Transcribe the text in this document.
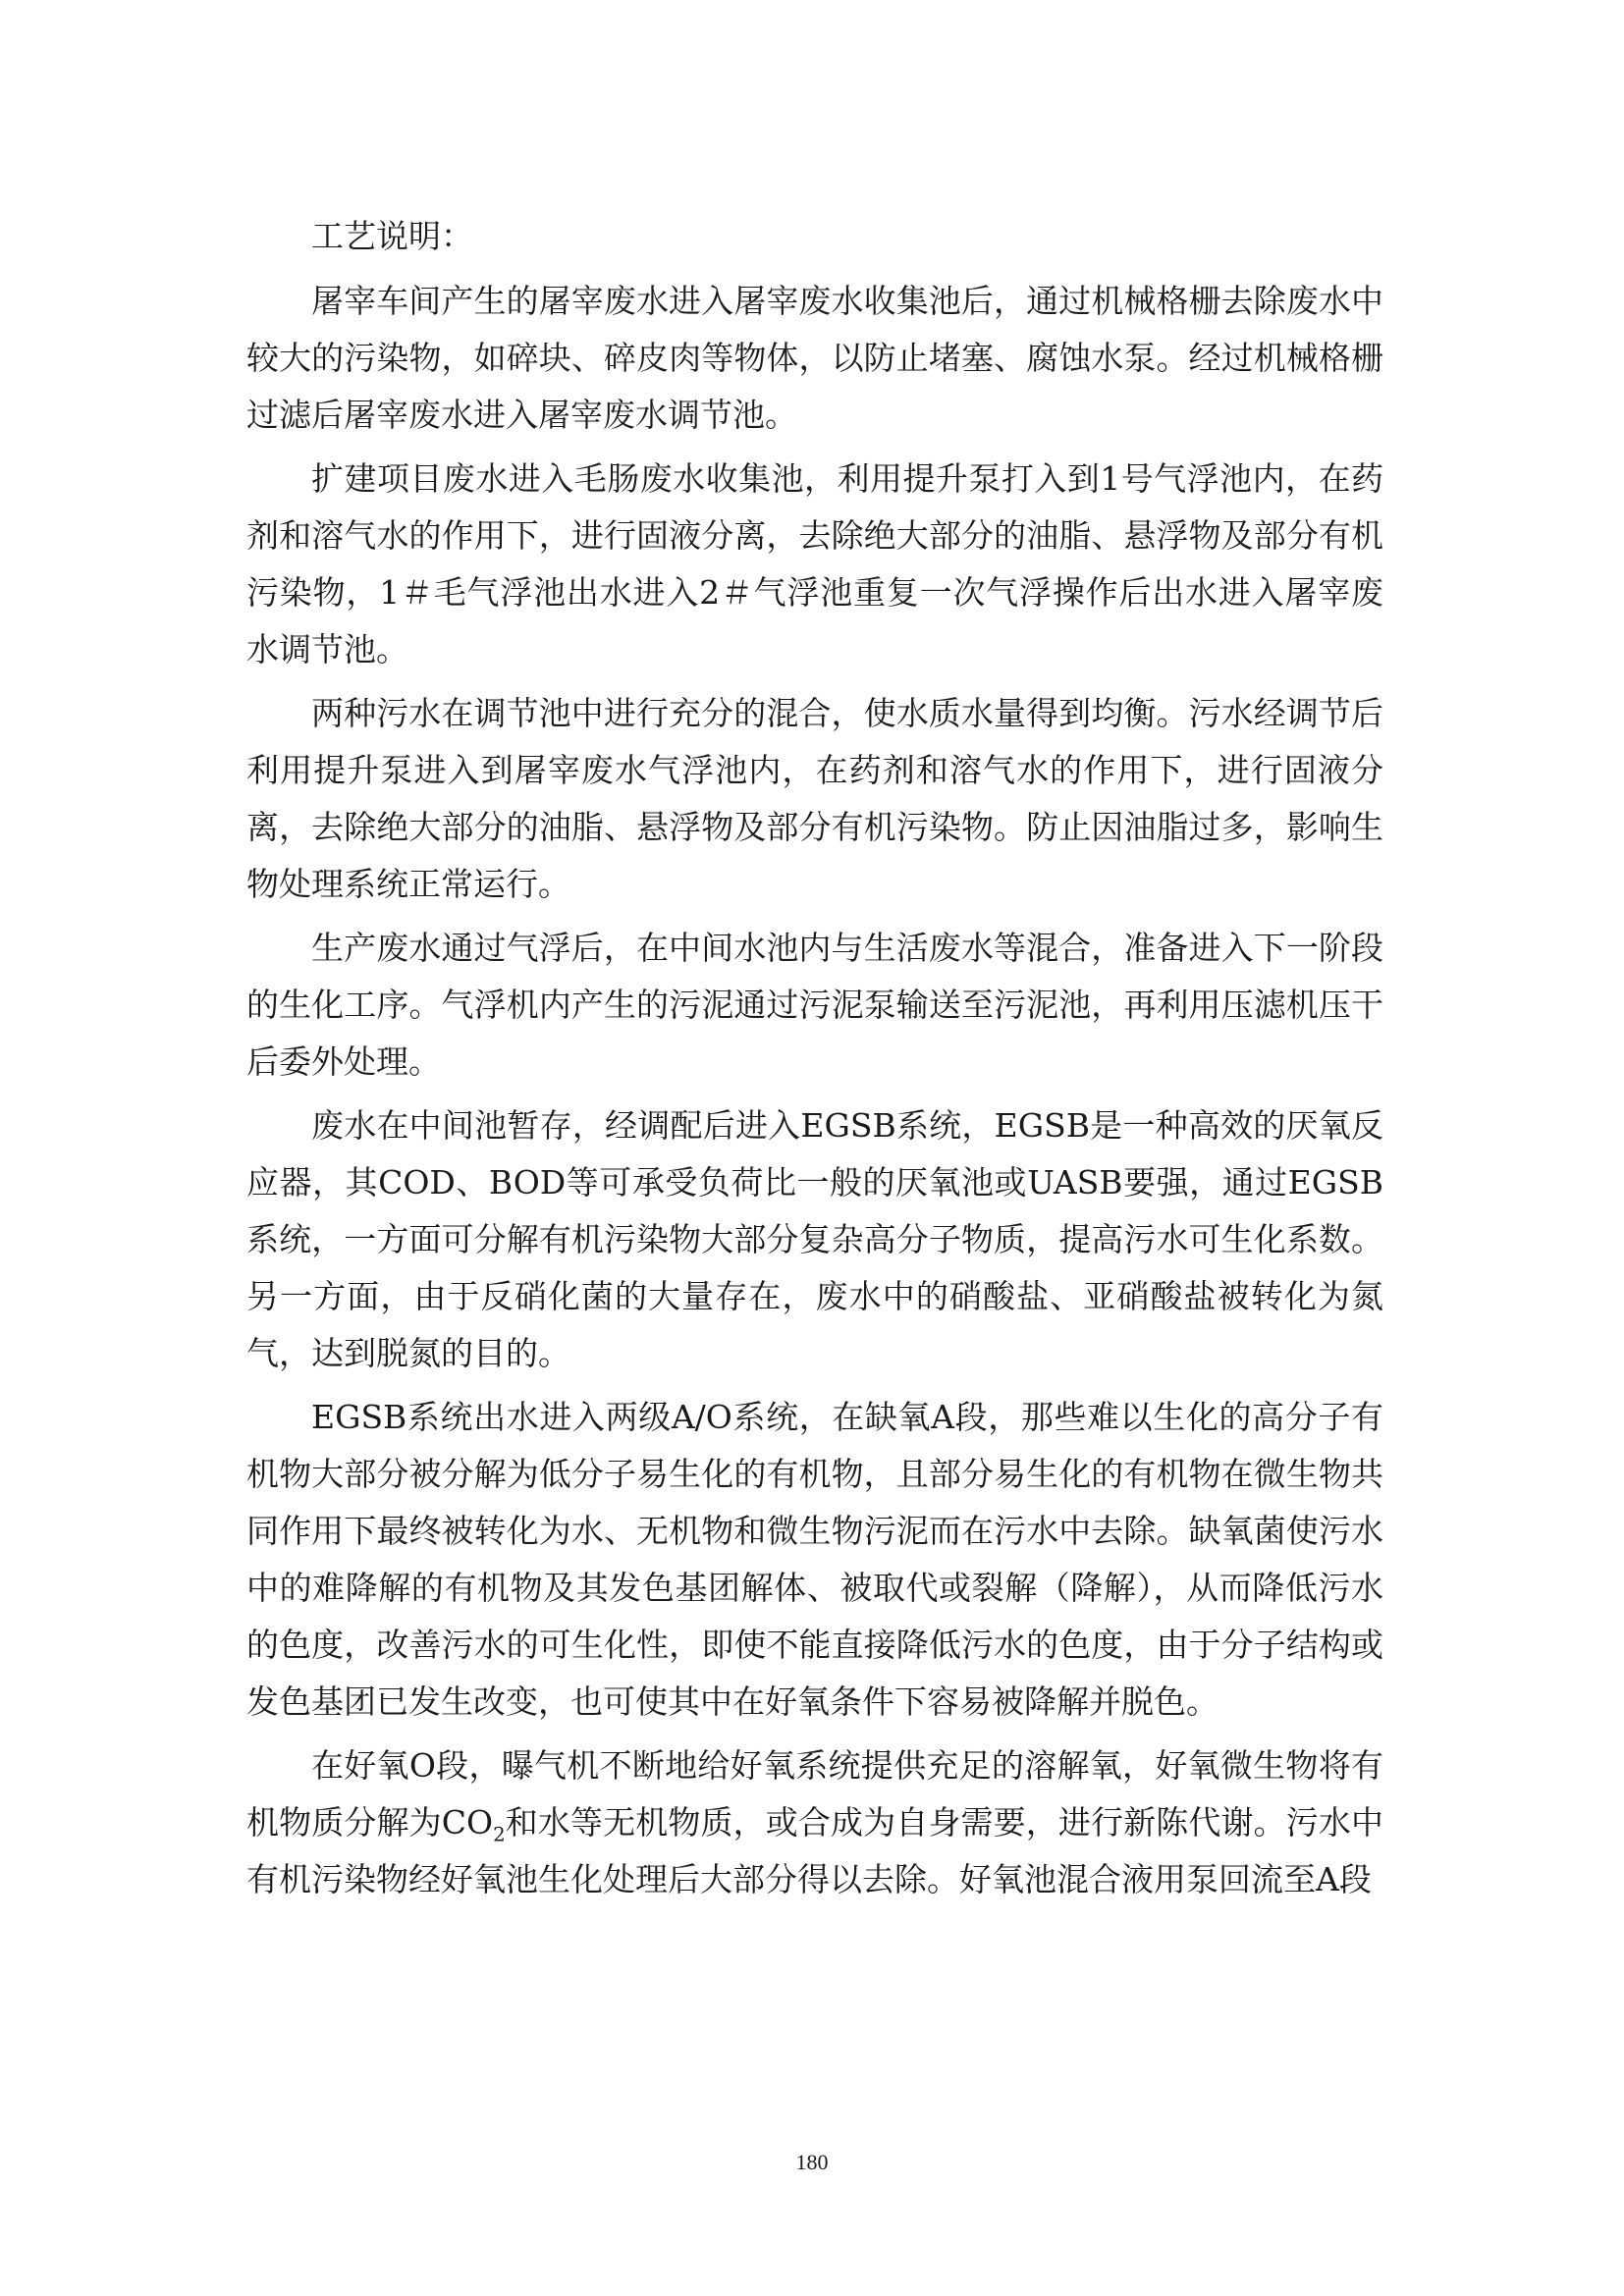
工艺说明：

屠宰车间产生的屠宰废水进入屠宰废水收集池后，通过机械格栅去除废水中较大的污染物，如碎块、碎皮肉等物体，以防止堵塞、腐蚀水泵。经过机械格栅过滤后屠宰废水进入屠宰废水调节池。

扩建项目废水进入毛肠废水收集池，利用提升泵打入到1号气浮池内，在药剂和溶气水的作用下，进行固液分离，去除绝大部分的油脂、悬浮物及部分有机污染物，1＃毛气浮池出水进入2＃气浮池重复一次气浮操作后出水进入屠宰废水调节池。

两种污水在调节池中进行充分的混合，使水质水量得到均衡。污水经调节后利用提升泵进入到屠宰废水气浮池内，在药剂和溶气水的作用下，进行固液分离，去除绝大部分的油脂、悬浮物及部分有机污染物。防止因油脂过多，影响生物处理系统正常运行。

生产废水通过气浮后，在中间水池内与生活废水等混合，准备进入下一阶段的生化工序。气浮机内产生的污泥通过污泥泵输送至污泥池，再利用压滤机压干后委外处理。

废水在中间池暂存，经调配后进入EGSB系统，EGSB是一种高效的厌氧反应器，其COD、BOD等可承受负荷比一般的厌氧池或UASB要强，通过EGSB系统，一方面可分解有机污染物大部分复杂高分子物质，提高污水可生化系数。另一方面，由于反硝化菌的大量存在，废水中的硝酸盐、亚硝酸盐被转化为氮气，达到脱氮的目的。

EGSB系统出水进入两级A/O系统，在缺氧A段，那些难以生化的高分子有机物大部分被分解为低分子易生化的有机物，且部分易生化的有机物在微生物共同作用下最终被转化为水、无机物和微生物污泥而在污水中去除。缺氧菌使污水中的难降解的有机物及其发色基团解体、被取代或裂解（降解），从而降低污水的色度，改善污水的可生化性，即使不能直接降低污水的色度，由于分子结构或发色基团已发生改变，也可使其中在好氧条件下容易被降解并脱色。

在好氧O段，曝气机不断地给好氧系统提供充足的溶解氧，好氧微生物将有机物质分解为$CO_2$和水等无机物质，或合成为自身需要，进行新陈代谢。污水中有机污染物经好氧池生化处理后大部分得以去除。好氧池混合液用泵回流至A段

180
